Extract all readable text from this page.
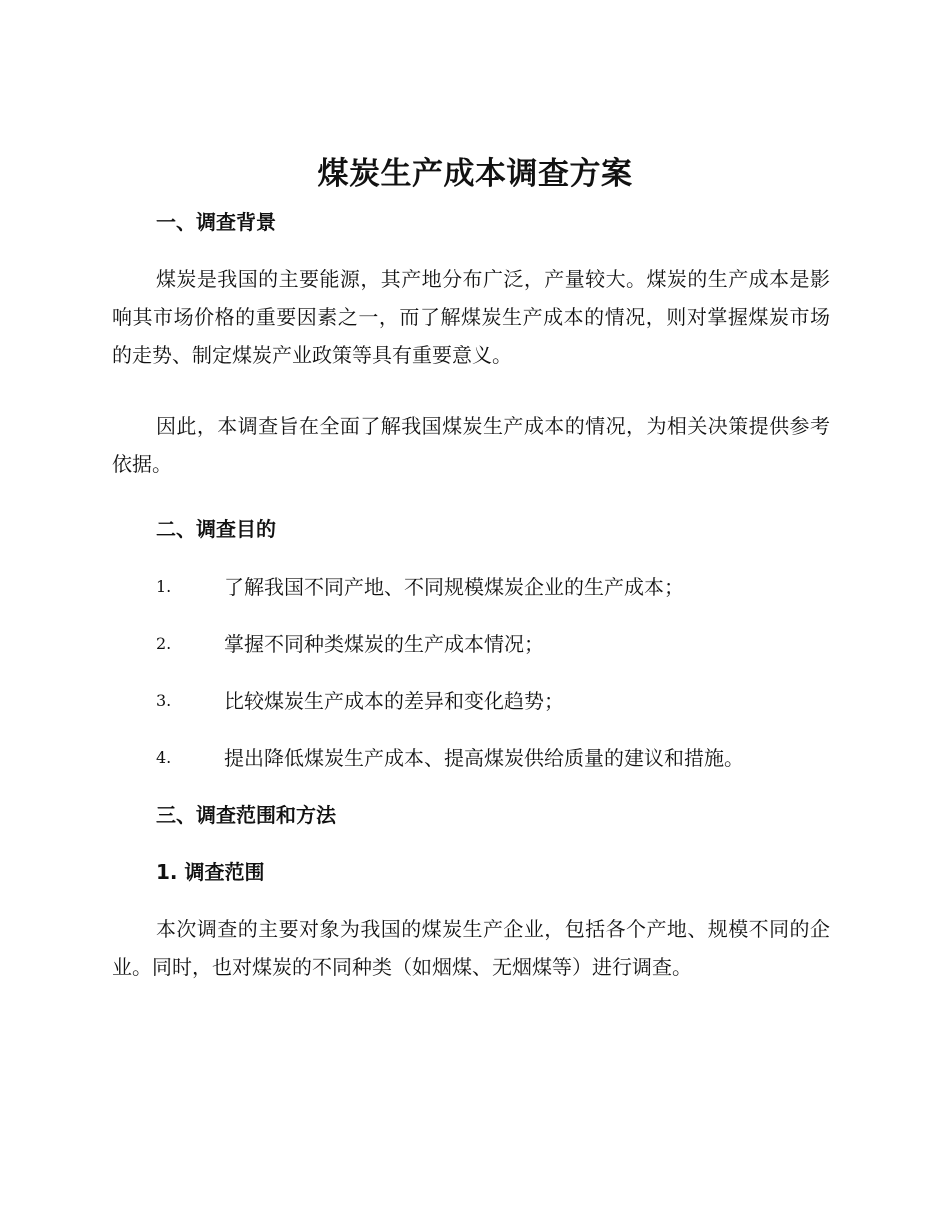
煤炭生产成本调查方案
一、调查背景

煤炭是我国的主要能源，其产地分布广泛，产量较大。煤炭的生产成本是影响其市场价格的重要因素之一，而了解煤炭生产成本的情况，则对掌握煤炭市场的走势、制定煤炭产业政策等具有重要意义。

因此，本调查旨在全面了解我国煤炭生产成本的情况，为相关决策提供参考依据。

二、调查目的
1.	了解我国不同产地、不同规模煤炭企业的生产成本；
2.	掌握不同种类煤炭的生产成本情况；
3.	比较煤炭生产成本的差异和变化趋势；
4.	提出降低煤炭生产成本、提高煤炭供给质量的建议和措施。
三、调查范围和方法
1. 调查范围

本次调查的主要对象为我国的煤炭生产企业，包括各个产地、规模不同的企业。同时，也对煤炭的不同种类（如烟煤、无烟煤等）进行调查。
